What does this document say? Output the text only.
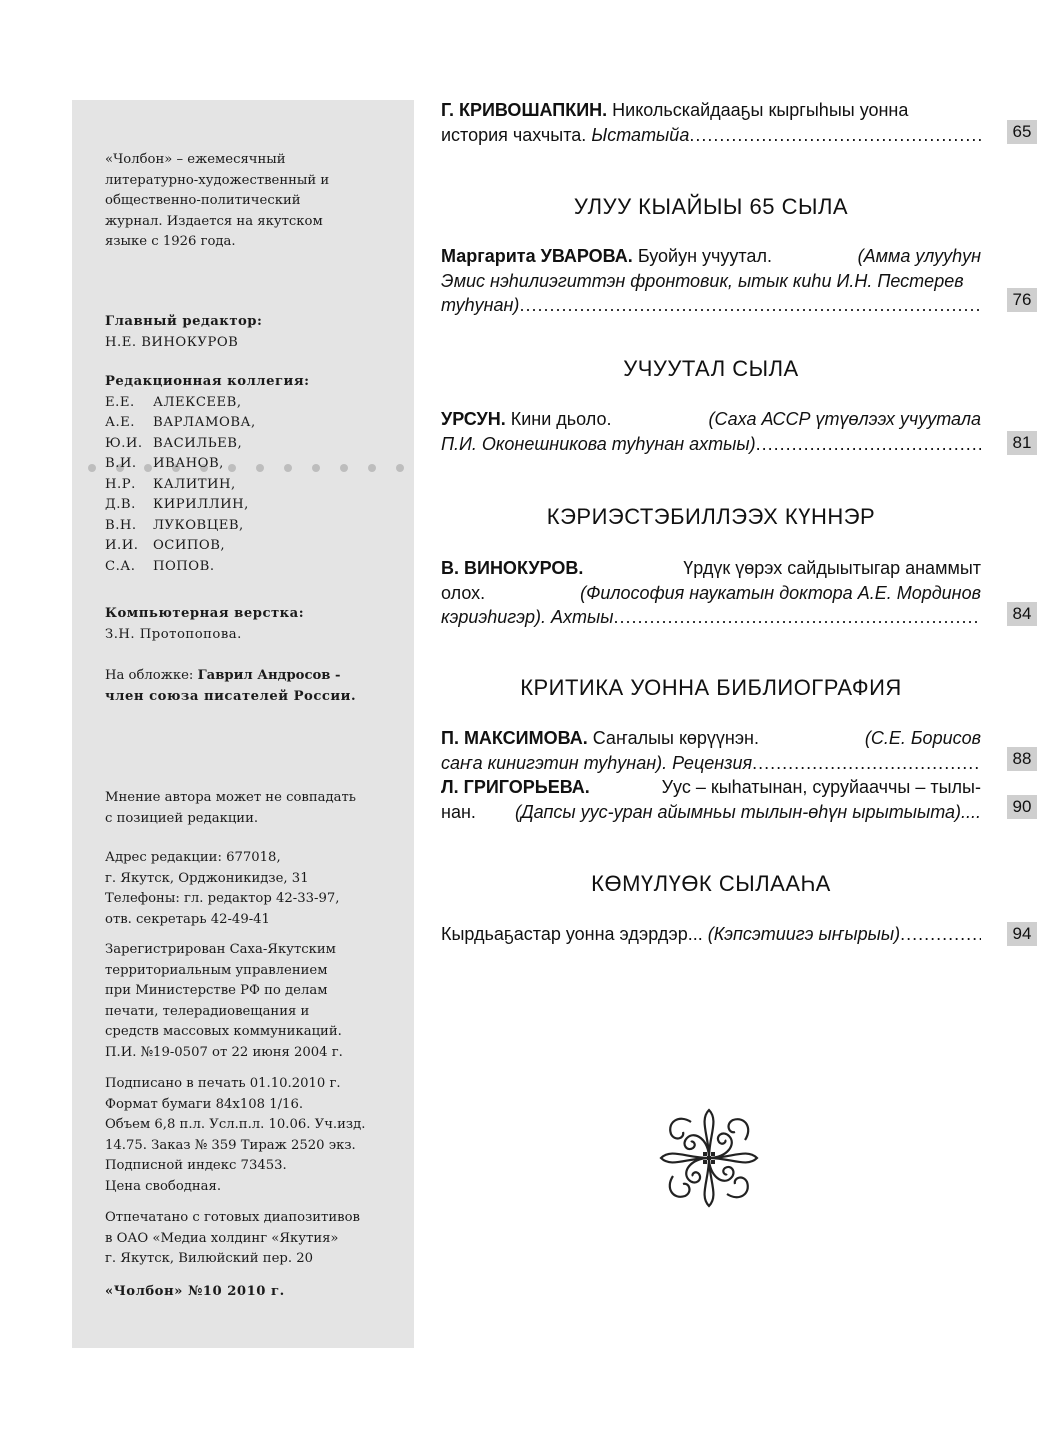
«Чолбон» – ежемесячный

литературно-художественный и

общественно-политический

журнал. Издается на якутском

языке с 1926 года.

Главный редактор:

Н.Е. ВИНОКУРОВ

Редакционная коллегия:

Е.Е.	АЛЕКСЕЕВ,
А.Е.	ВАРЛАМОВА,
Ю.И. ВАСИЛЬЕВ,
В.И.	ИВАНОВ,
Н.Р.	КАЛИТИН,
Д.В.	КИРИЛЛИН,
В.Н.	ЛУКОВЦЕВ,
И.И.	ОСИПОВ,
С.А.	ПОПОВ.

Компьютерная верстка:

З.Н. Протопопова.

На обложке: Гаврил Андросов -

член союза писателей России.

Мнение автора может не совпадать

с позицией редакции.

Адрес редакции: 677018,

г. Якутск, Орджоникидзе, 31

Телефоны: гл. редактор 42-33-97,

отв. секретарь 42-49-41

Зарегистрирован Саха-Якутским

территориальным управлением

при Министерстве РФ по делам

печати, телерадиовещания и

средств массовых коммуникаций.

П.И. №19-0507 от 22 июня 2004 г.

Подписано в печать 01.10.2010 г.

Формат бумаги 84x108 1/16.

Объем 6,8 п.л. Усл.п.л. 10.06. Уч.изд.

14.75. Заказ № 359 Тираж 2520 экз.

Подписной индекс 73453.

Цена свободная.

Отпечатано с готовых диапозитивов

в ОАО «Медиа холдинг «Якутия»

г. Якутск, Вилюйский пер. 20

«Чолбон» №10 2010 г.

Г. КРИВОШАПКИН. Никольскайдааҕы кыргыһыы уонна
история чахчыта.
Ыстатыйа .....	65
УЛУУ КЫАЙЫЫ 65 СЫЛА
Маргарита УВАРОВА.
Буойун учуутал.
	(Амма улууһун
Эмис нэһилиэгиттэн фронтовик, ытык киһи И.Н. Пестерев
туһунан) .....	76
УЧУУТАЛ СЫЛА
УРСУН.
Кини дьоло.
	(Саха АССР үтүөлээх учуутала
П.И. Оконешникова туһунан ахтыы) .....	81
КЭРИЭСТЭБИЛЛЭЭХ КҮННЭР
В. ВИНОКУРОВ.
	Үрдүк үөрэх сайдыытыгар анаммыт
олох.
	(Философия наукатын доктора А.Е. Мординов
кэриэһигэр). Ахтыы .....	84
КРИТИКА УОННА БИБЛИОГРАФИЯ
П. МАКСИМОВА.
Саҥалыы көрүүнэн.
	(С.Е. Борисов
саҥа кинигэтин туһунан). Рецензия .....	88
Л. ГРИГОРЬЕВА.
	Уус – кыһатынан, суруйааччы – тылы-
нан.
(Дапсы уус-уран айымньы тылын-өһүн ырытыыта)....	90
КӨМҮЛҮӨК СЫЛААҺА
Кырдьаҕастар уонна эдэрдэр...
(Кэпсэтиигэ ыҥырыы) .....	94
